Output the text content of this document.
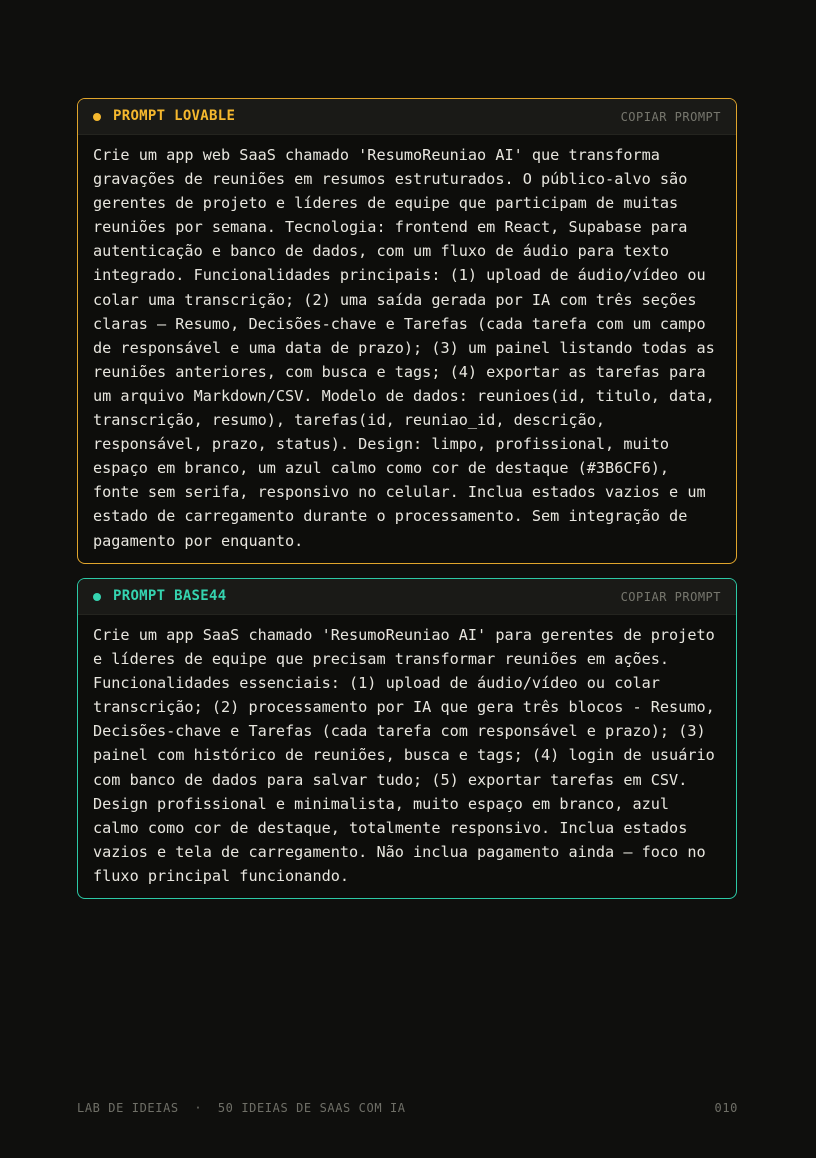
PROMPT LOVABLE	COPIAR PROMPT
Crie um app web SaaS chamado 'ResumoReuniao AI' que transforma gravações de reuniões em resumos estruturados. O público-alvo são gerentes de projeto e líderes de equipe que participam de muitas reuniões por semana. Tecnologia: frontend em React, Supabase para autenticação e banco de dados, com um fluxo de áudio para texto integrado. Funcionalidades principais: (1) upload de áudio/vídeo ou colar uma transcrição; (2) uma saída gerada por IA com três seções claras — Resumo, Decisões-chave e Tarefas (cada tarefa com um campo de responsável e uma data de prazo); (3) um painel listando todas as reuniões anteriores, com busca e tags; (4) exportar as tarefas para um arquivo Markdown/CSV. Modelo de dados: reunioes(id, titulo, data, transcrição, resumo), tarefas(id, reuniao_id, descrição, responsável, prazo, status). Design: limpo, profissional, muito espaço em branco, um azul calmo como cor de destaque (#3B6CF6), fonte sem serifa, responsivo no celular. Inclua estados vazios e um estado de carregamento durante o processamento. Sem integração de pagamento por enquanto.
PROMPT BASE44	COPIAR PROMPT
Crie um app SaaS chamado 'ResumoReuniao AI' para gerentes de projeto e líderes de equipe que precisam transformar reuniões em ações. Funcionalidades essenciais: (1) upload de áudio/vídeo ou colar transcrição; (2) processamento por IA que gera três blocos - Resumo, Decisões-chave e Tarefas (cada tarefa com responsável e prazo); (3) painel com histórico de reuniões, busca e tags; (4) login de usuário com banco de dados para salvar tudo; (5) exportar tarefas em CSV. Design profissional e minimalista, muito espaço em branco, azul calmo como cor de destaque, totalmente responsivo. Inclua estados vazios e tela de carregamento. Não inclua pagamento ainda — foco no fluxo principal funcionando.
LAB DE IDEIAS  ·  50 IDEIAS DE SAAS COM IA	010
